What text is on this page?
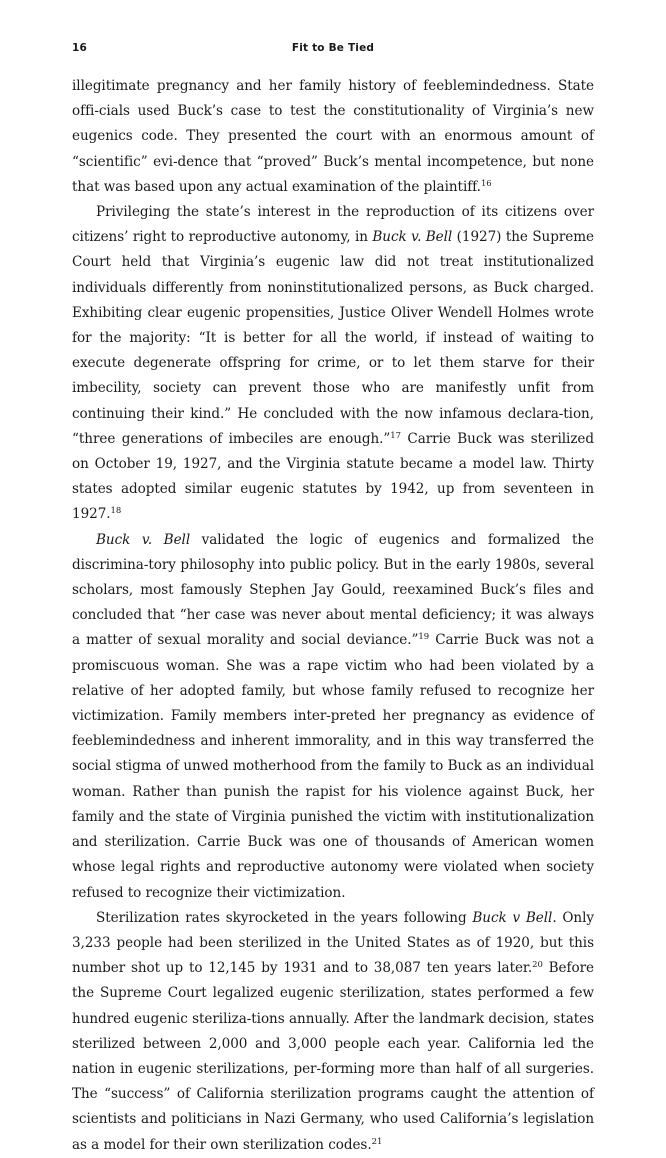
16	Fit to Be Tied

illegitimate pregnancy and her family history of feeblemindedness. State offi-cials used Buck’s case to test the constitutionality of Virginia’s new eugenics code. They presented the court with an enormous amount of “scientific” evi-dence that “proved” Buck’s mental incompetence, but none that was based upon any actual examination of the plaintiff.$^{16}$

Privileging the state’s interest in the reproduction of its citizens over citizens’ right to reproductive autonomy, in Buck v. Bell (1927) the Supreme Court held that Virginia’s eugenic law did not treat institutionalized individuals differently from noninstitutionalized persons, as Buck charged. Exhibiting clear eugenic propensities, Justice Oliver Wendell Holmes wrote for the majority: “It is better for all the world, if instead of waiting to execute degenerate offspring for crime, or to let them starve for their imbecility, society can prevent those who are manifestly unfit from continuing their kind.” He concluded with the now infamous declara-tion, “three generations of imbeciles are enough.”$^{17}$ Carrie Buck was sterilized on October 19, 1927, and the Virginia statute became a model law. Thirty states adopted similar eugenic statutes by 1942, up from seventeen in 1927.18

Buck v. Bell validated the logic of eugenics and formalized the discrimina-tory philosophy into public policy. But in the early 1980s, several scholars, most famously Stephen Jay Gould, reexamined Buck’s files and concluded that “her case was never about mental deficiency; it was always a matter of sexual morality and social deviance.”$^{19}$ Carrie Buck was not a promiscuous woman. She was a rape victim who had been violated by a relative of her adopted family, but whose family refused to recognize her victimization. Family members inter-preted her pregnancy as evidence of feeblemindedness and inherent immorality, and in this way transferred the social stigma of unwed motherhood from the family to Buck as an individual woman. Rather than punish the rapist for his violence against Buck, her family and the state of Virginia punished the victim with institutionalization and sterilization. Carrie Buck was one of thousands of American women whose legal rights and reproductive autonomy were violated when society refused to recognize their victimization.

Sterilization rates skyrocketed in the years following Buck v Bell. Only 3,233 people had been sterilized in the United States as of 1920, but this number shot up to 12,145 by 1931 and to 38,087 ten years later.$^{20}$ Before the Supreme Court legalized eugenic sterilization, states performed a few hundred eugenic steriliza-tions annually. After the landmark decision, states sterilized between 2,000 and 3,000 people each year. California led the nation in eugenic sterilizations, per-forming more than half of all surgeries. The “success” of California sterilization programs caught the attention of scientists and politicians in Nazi Germany, who used California’s legislation as a model for their own sterilization codes.$^{21}$
